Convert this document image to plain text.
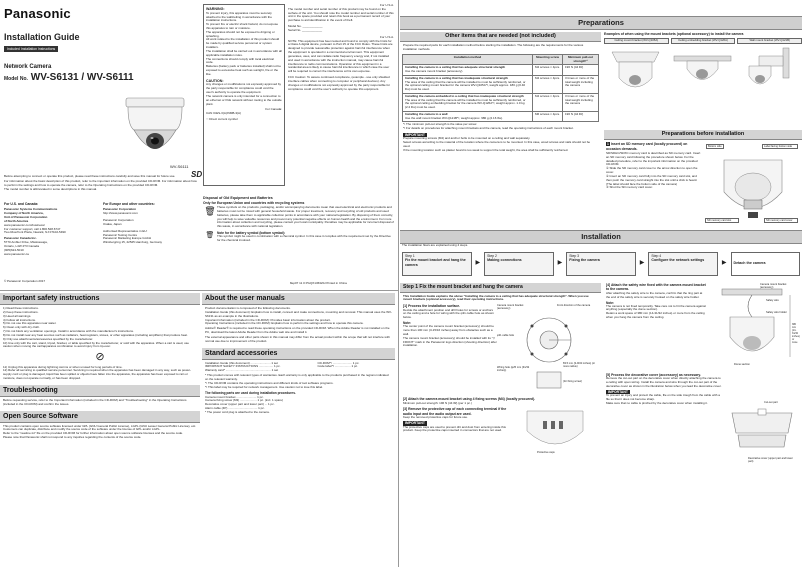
Panasonic
Installation Guide
Included Installation Instructions
Network Camera
Model No. WV-S6131 / WV-S6111
WV-S6111
Before attempting to connect or operate this product, please read these instructions carefully and save this manual for future use.
For information about the basic description of this product, refer to the important information on the provided CD-ROM. For information about how to perform the settings and how to operate the camera, refer to the Operating Instructions on the provided CD-ROM.
The model number is abbreviated in some descriptions in this manual.
For U.S. and Canada:
Panasonic Systems Communications
Company of North America,
Unit of Panasonic Corporation
of North America
www.panasonic.com/business/
For customer support, call 1.800.528.6747
Two Riverfront Plaza, Newark, NJ 07102-5490
Panasonic Canada Inc.
5770 Ambler Drive, Mississauga,
Ontario, L4W 2T3 Canada
(905)624-5010
www.panasonic.ca
For Europe and other countries:
Panasonic Corporation
http://www.panasonic.com
Panasonic Corporation
Osaka, Japan
Authorised Representative in EU:
Panasonic Testing Centre
Panasonic Marketing Europe GmbH
Winsbergring 15, 22525 Hamburg, Germany
© Panasonic Corporation 2017
WARNING:
To prevent injury, this apparatus must be securely attached to the wall/ceiling in accordance with the installation instructions.
To prevent fire or electric shock hazard, do not expose this apparatus to rain or moisture.
The apparatus should not be exposed to dripping or splashing.
All work related to the installation of this product should be made by qualified service personnel or system installers.
The installation shall be carried out in accordance with all applicable installation rules.
The connections should comply with local electrical code.
Batteries (battery pack or batteries installed) shall not be exposed to excessive heat such as sunlight, fire or the like.
CAUTION:
Any changes or modifications not expressly approved by the party responsible for compliance could void the user's authority to operate the equipment.
The network camera is only intended for a connection to an ethernet or PoE network without routing to the outside plant.
For Canada:
CAN ICES-3(A)/NMB-3(A)
⎓ Direct current symbol
SD
For U.S.A.
The model number and serial number of this product may be found on the surface of the unit. You should note the model number and serial number of this unit in the space provided and retain this book as a permanent record of your purchase to aid identification in the event of theft.
Model No. ____________
Serial No. ____________
For U.S.A.
NOTE: This equipment has been tested and found to comply with the limits for a Class A digital device, pursuant to Part 15 of the FCC Rules. These limits are designed to provide reasonable protection against harmful interference when the equipment is operated in a commercial environment. This equipment generates, uses, and can radiate radio frequency energy and, if not installed and used in accordance with the instruction manual, may cause harmful interference to radio communications. Operation of this equipment in a residential area is likely to cause harmful interference in which case the user will be required to correct the interference at his own expense.
FCC Caution: To assure continued compliance, (example - use only shielded interface cables when connecting to computer or peripheral devices). Any changes or modifications not expressly approved by the party responsible for compliance could void the user's authority to operate this equipment.
Disposal of Old Equipment and Batteries
Only for European Union and countries with recycling systems
🗑 These symbols on the products, packaging, and/or accompanying documents mean that used electrical and electronic products and batteries must not be mixed with general household waste. For proper treatment, recovery and recycling of old products and used batteries, please take them to applicable collection points in accordance with your national legislation. By disposing of them correctly, you will help to save valuable resources and prevent any potential negative effects on human health and the environment. For more information about collection and recycling, please contact your local municipality. Penalties may be applicable for incorrect disposal of this waste, in accordance with national legislation.
🗑 Note for the battery symbol (bottom symbol):
This symbol might be used in combination with a chemical symbol. In this case it complies with the requirement set by the Directive for the chemical involved.
8ep07 11 0 PGQX1363ZA Printed in China
Important safety instructions
1) Read these instructions.
2) Keep these instructions.
3) Heed all warnings.
4) Follow all instructions.
5) Do not use this apparatus near water.
6) Clean only with dry cloth.
7) Do not block any ventilation openings. Install in accordance with the manufacturer's instructions.
8) Do not install near any heat sources such as radiators, heat registers, stoves, or other apparatus (including amplifiers) that produce heat.
9) Only use attachments/accessories specified by the manufacturer.
10) Use only with the cart, stand, tripod, bracket, or table specified by the manufacturer, or sold with the apparatus. When a cart is used, use caution when moving the cart/apparatus combination to avoid injury from tip-over.
⊘
11) Unplug this apparatus during lightning storms or when unused for long periods of time.
12) Refer all servicing to qualified service personnel. Servicing is required when the apparatus has been damaged in any way, such as power-supply cord or plug is damaged, liquid has been spilled or objects have fallen into the apparatus, the apparatus has been exposed to rain or moisture, does not operate normally, or has been dropped.
Troubleshooting
Before requesting service, refer to the Important Information (included in the CD-ROM) and "Troubleshooting" in the Operating Instructions (included in the CD-ROM) and confirm the issues.
Open Source Software
This product contains open source software licensed under GPL (GNU General Public License), LGPL (GNU Lesser General Public License), etc.
Customers can duplicate, distribute and modify the source code of the software under the license of GPL and/or LGPL.
Refer to the "readme.txt" file on the provided CD-ROM for further information about open source software licenses and the source code.
Please note that Panasonic shall not respond to any inquiries regarding the contents of the source code.
About the user manuals
Product documentation is composed of the following documents.
Installation Guide (this document): Explains how to install, connect and make connections, mounting and removal. This manual uses the WV-S6131 as an example in the illustrations.
Important Information (included in the CD-ROM): Provides basic information about the product.
Operating Instructions (included in the CD-ROM): Explains how to perform the settings and how to operate this camera.
Adobe® Reader® is required to read these operating instructions on the provided CD-ROM. When the Adobe Reader is not installed on the PC, download the latest Adobe Reader from the Adobe web site and install it.
The external appearance and other parts shown in this manual may differ from the actual product within the scope that will not interfere with normal use due to improvement of the product.
Standard accessories
Installation Guide (this document) ........................ 1 set
IMPORTANT SAFETY INSTRUCTIONS ................. 1 pc.
Warranty card* ...................................................... 1 set
CD-ROM*¹ ....................... 1 pc.
Code label*² ................... 1 pc.
* This product comes with relevant types of warranties. Each warranty is only applicable to the products purchased in the regions indicated on the relevant warranty.
*¹ The CD-ROM contains the operating instructions and different kinds of tool software programs.
*² This label may be required for network management. Use caution not to lose this label.
The following parts are used during installation procedures.
Camera mount bracket ........................ 1 pc.
Camera fixing screw (M3) .................... 1 pc. (incl. 1 spare)
Decorative cover (upper part and lower part) ... 1 pc.
Alarm cable (4P) ................................... 1 pc.
* The power cord plug is attached to the camera.
Preparations
Other items that are needed (not included)
Prepare the required parts for each installation method before starting the installation. The following are the requirements for the various installation methods.
Installation method	Mounting screw	Minimum pull-out strength*¹

Installing the camera to a ceiling that has adequate structural strength
Use the camera mount bracket (accessory).	M4 screws × 4pcs.	196 N {44 lbf}

Installing the camera to a ceiling that has inadequate structural strength
The area of the ceiling that the camera will be installed to must be sufficiently reinforced, or the optional ceiling mount bracket for the camera WV-Q105A*², weight approx. 180 g {0.40 lbs} must be used.	M4 screws × 4pcs.	3 times or more of the total weight including the camera

Installing the camera embedded to a ceiling that has inadequate structural strength
The area of the ceiling that the camera will be installed to must be sufficiently reinforced, or the optional ceiling embedding bracket for the camera WV-Q126A*², weight approx. 1.0 kg {2.2 lbs} must be used.	M4 screws × 4pcs.	3 times or more of the total weight including the camera

Installing the camera to a wall
Use the wall mount bracket WV-Q121B*², weight approx. 980 g {2.16 lbs}.	M6 screws × 4pcs.	196 N {44 lbf}
*¹ The minimum pull-out strength is the value per screw.
*² For details on procedures for attaching mount brackets and the camera, read the operating instructions of each mount bracket.
IMPORTANT
Prepare mounting screws (M4) and anchor bolts to be mounted on a ceiling and wall separately.
Select screws according to the material of the location where the camera is to be mounted. In this case, wood screws and nails should not be used.
If the mounting location such as plaster board is too weak to support the total weight, the area shall be sufficiently reinforced.
Examples of when using the mount brackets (optional accessory) to install the camera
Ceiling mount bracket (WV-Q105A)	Ceiling embedding bracket (WV-Q126A)	Wall mount bracket (WV-Q121B)
Preparations before installation
1 Insert an SD memory card (locally procured) on occasion demands.
SD/SDHC/SDXC memory card is described as SD memory card. Insert an SD memory card following the procedure shown below. For the detailed procedure, refer to the important information on the provided CD-ROM.
① Slide the SD memory card cover to the arrow direction to open the cover.
② Insert an SD memory card fully into the SD memory card slot, and then push the memory card straight into the slot until a click is heard. (The label should face the bottom side of the camera)
③ Shut the SD memory card cover.
Bottom side	Label facing bottom side
SD memory card slot	SD memory card cover
Installation
The installation flows are explained using 4 steps.
Step 1
Fix the mount bracket and hang the camera	▶
Step 2
Making connections	▶
Step 3
Fixing the camera	▶
Step 4
Configure the network settings	▶ Detach the camera
Step 1 Fix the mount bracket and hang the camera
This Installation Guide explains the above "Installing the camera to a ceiling that has adequate structural strength". When you use mount brackets (optional accessory), read their operating instructions.
[1] Process the installation surface.
Decide the attachment position and drill holes for screws or anchors on the ceiling and a hole for wiring with the φ31 cable hole as shown below.
Note:
The center point of the camera mount bracket (accessory) should be more than 100 mm {3-15/16 inches} away from obstacles such as a wall.
The camera mount bracket (accessory) should be installed with its "▽ FRONT" mark in the Panasonic logo direction (shooting direction) after installation.
Camera mount bracket (accessory)
Front direction of the camera
φ31 cable hole
Wiring hole (φ25 mm {31/32 inches})
83.5 mm {3-9/32 inches} (or more radius)
(for fixing screw)
[2] Attach the camera mount bracket using 4 fixing screws (M4) (locally procured).
Minimum pull-out strength: 196 N {44 lbf} (per 1 pc.)
[3] Remove the protective cap of each connecting terminal if the audio input and the audio output are used.
Keep the removed protective caps for future use.
IMPORTANT
The protective caps are used to prevent dirt and dust from entering inside this product. Keep the protective caps inserted in connectors that are not used.
Protective caps
[4] Attach the safety wire fixed with the camera mount bracket to the camera.
After attaching the safety wire to the camera, confirm that the ring part at the end of the safety wire is securely hooked on the safety wire holder.
Note:
The camera is not fixed temporarily. Take care not to hit the camera against anything (especially the dome section).
Retain a work space of 380 mm {14-31/32 inches} or more from the ceiling when you hang the camera from the ceiling.
Camera mount bracket (accessory)
Safety wire
Safety wire holder
Dome section
380 mm {14-31/32 inches} or more
[5] Process the decorative cover (accessory) as necessary.
Remove the cut-out part on the decorative cover when directly attaching the camera to a ceiling with open wiring. Install the camera and wire through the cut-out part of the decorative cover as shown in the illustration below when you lead the decorative cover.
IMPORTANT
To prevent an injury and protect the cable, file on the side trough from the cable with a file so that it does not become sharp.
Make sure that no cable is pinched by the decorative cover when installing it.
Decorative cover (upper part and lower part)
Cut-out part
